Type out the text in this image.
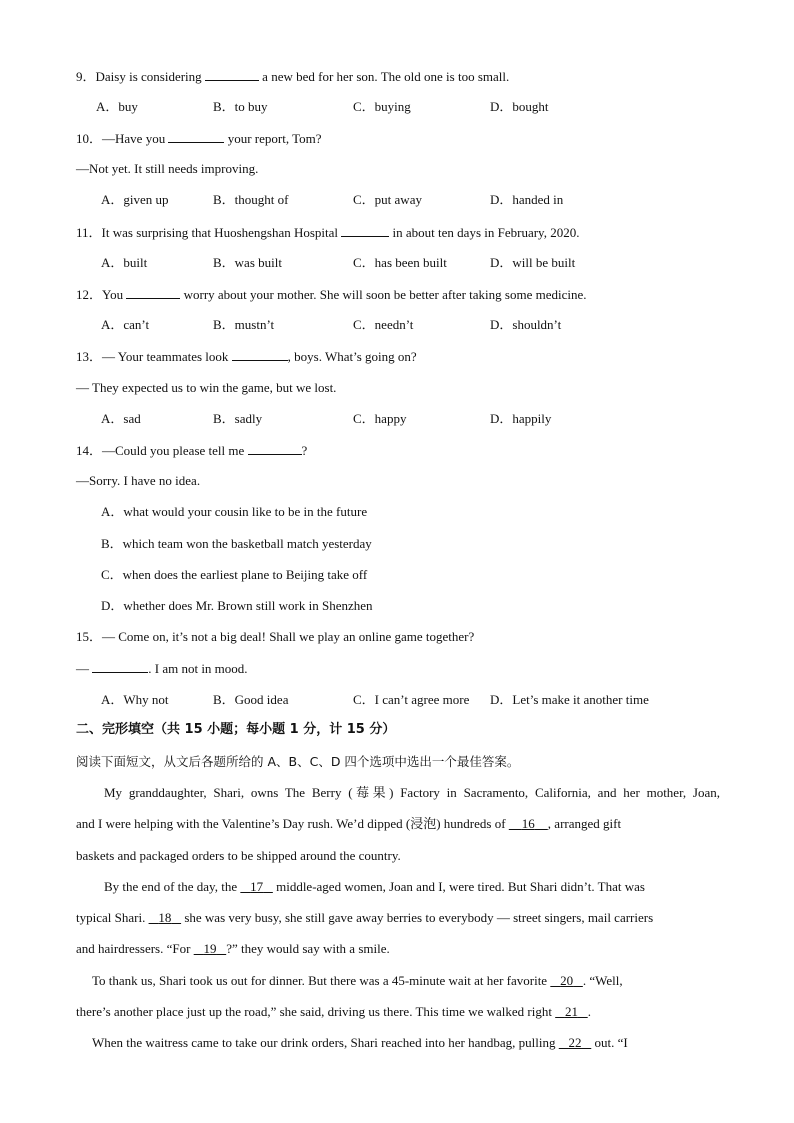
9．Daisy is considering	a new bed for her son. The old one is too small.
A．buy	B．to buy	C．buying	D．bought
10．—Have you	your report, Tom?
—Not yet. It still needs improving.
A．given up	B．thought of	C．put away	D．handed in
11．It was surprising that Huoshengshan Hospital	in about ten days in February, 2020.
A．built	B．was built	C．has been built	D．will be built
12．You	worry about your mother. She will soon be better after taking some medicine.
A．can’t	B．mustn’t	C．needn’t	D．shouldn’t
13．— Your teammates look	, boys. What’s going on?
— They expected us to win the game, but we lost.
A．sad	B．sadly	C．happy	D．happily
14．—Could you please tell me	?
—Sorry. I have no idea.
A．what would your cousin like to be in the future
B．which team won the basketball match yesterday
C．when does the earliest plane to Beijing take off
D．whether does Mr. Brown still work in Shenzhen
15．— Come on, it’s not a big deal! Shall we play an online game together?
—	. I am not in mood.
A．Why not	B．Good idea	C．I can’t agree more D．Let’s make it another time
二、完形填空（共 15 小题；每小题 1 分，计 15 分）
阅读下面短文，从文后各题所给的 A、B、C、D 四个选项中选出一个最佳答案。
My granddaughter, Shari, owns The Berry (莓果) Factory in Sacramento, California, and her mother, Joan,
and I were helping with the Valentine’s Day rush. We’d dipped (浸泡) hundreds of 16 , arranged gift
baskets and packaged orders to be shipped around the country.
By the end of the day, the 17 middle-aged women, Joan and I, were tired. But Shari didn’t. That was
typical Shari. 18 she was very busy, she still gave away berries to everybody — street singers, mail carriers
and hairdressers. “For 19 ?” they would say with a smile.
To thank us, Shari took us out for dinner. But there was a 45-minute wait at her favorite 20 . “Well,
there’s another place just up the road,” she said, driving us there. This time we walked right 21 .
When the waitress came to take our drink orders, Shari reached into her handbag, pulling 22 out. “I
